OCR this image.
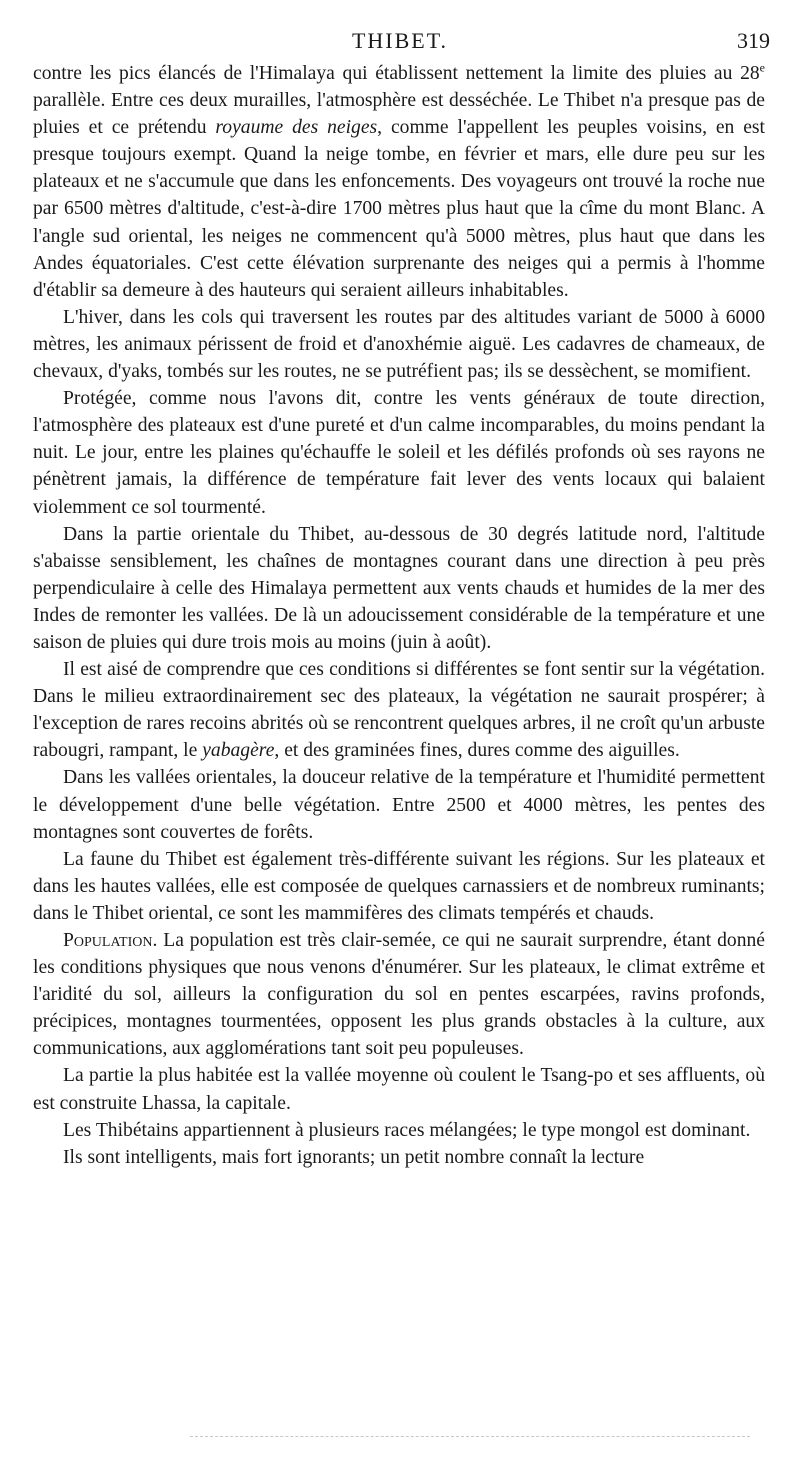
THIBET.	319

contre les pics élancés de l'Himalaya qui établissent nettement la limite des pluies au 28e parallèle. Entre ces deux murailles, l'atmosphère est desséchée. Le Thibet n'a presque pas de pluies et ce prétendu royaume des neiges, comme l'appellent les peuples voisins, en est presque toujours exempt. Quand la neige tombe, en février et mars, elle dure peu sur les plateaux et ne s'accumule que dans les enfoncements. Des voyageurs ont trouvé la roche nue par 6500 mètres d'altitude, c'est-à-dire 1700 mètres plus haut que la cîme du mont Blanc. A l'angle sud oriental, les neiges ne commencent qu'à 5000 mètres, plus haut que dans les Andes équatoriales. C'est cette élévation surprenante des neiges qui a permis à l'homme d'établir sa demeure à des hauteurs qui seraient ailleurs inhabitables.

L'hiver, dans les cols qui traversent les routes par des altitudes variant de 5000 à 6000 mètres, les animaux périssent de froid et d'anoxhémie aiguë. Les cadavres de chameaux, de chevaux, d'yaks, tombés sur les routes, ne se putréfient pas; ils se dessèchent, se momifient.

Protégée, comme nous l'avons dit, contre les vents généraux de toute direction, l'atmosphère des plateaux est d'une pureté et d'un calme incomparables, du moins pendant la nuit. Le jour, entre les plaines qu'échauffe le soleil et les défilés profonds où ses rayons ne pénètrent jamais, la différence de température fait lever des vents locaux qui balaient violemment ce sol tourmenté.

Dans la partie orientale du Thibet, au-dessous de 30 degrés latitude nord, l'altitude s'abaisse sensiblement, les chaînes de montagnes courant dans une direction à peu près perpendiculaire à celle des Himalaya permettent aux vents chauds et humides de la mer des Indes de remonter les vallées. De là un adoucissement considérable de la température et une saison de pluies qui dure trois mois au moins (juin à août).

Il est aisé de comprendre que ces conditions si différentes se font sentir sur la végétation. Dans le milieu extraordinairement sec des plateaux, la végétation ne saurait prospérer; à l'exception de rares recoins abrités où se rencontrent quelques arbres, il ne croît qu'un arbuste rabougri, rampant, le yabagère, et des graminées fines, dures comme des aiguilles.

Dans les vallées orientales, la douceur relative de la température et l'humidité permettent le développement d'une belle végétation. Entre 2500 et 4000 mètres, les pentes des montagnes sont couvertes de forêts.

La faune du Thibet est également très-différente suivant les régions. Sur les plateaux et dans les hautes vallées, elle est composée de quelques carnassiers et de nombreux ruminants; dans le Thibet oriental, ce sont les mammifères des climats tempérés et chauds.

Population. La population est très clair-semée, ce qui ne saurait surprendre, étant donné les conditions physiques que nous venons d'énumérer. Sur les plateaux, le climat extrême et l'aridité du sol, ailleurs la configuration du sol en pentes escarpées, ravins profonds, précipices, montagnes tourmentées, opposent les plus grands obstacles à la culture, aux communications, aux agglomérations tant soit peu populeuses.

La partie la plus habitée est la vallée moyenne où coulent le Tsang-po et ses affluents, où est construite Lhassa, la capitale.

Les Thibétains appartiennent à plusieurs races mélangées; le type mongol est dominant.

Ils sont intelligents, mais fort ignorants; un petit nombre connaît la lecture
